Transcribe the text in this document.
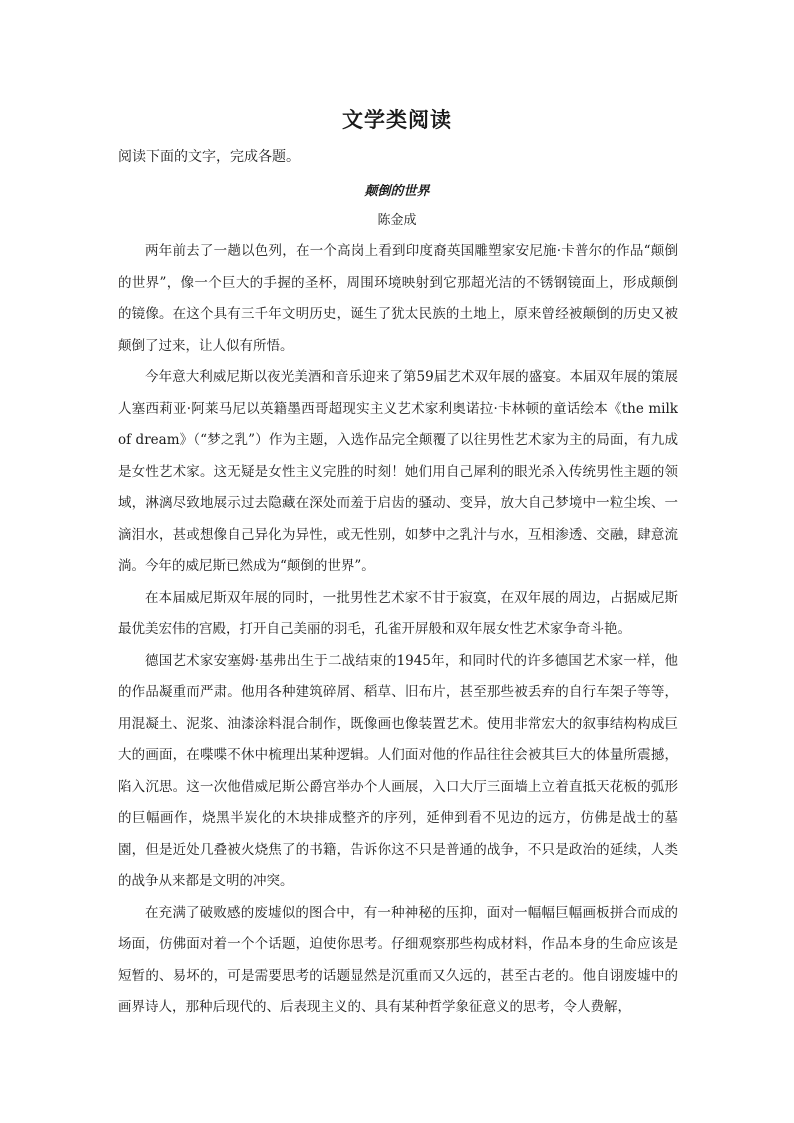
文学类阅读
阅读下面的文字，完成各题。
颠倒的世界
陈金成

两年前去了一趟以色列，在一个高岗上看到印度裔英国雕塑家安尼施·卡普尔的作品“颠倒的世界”，像一个巨大的手握的圣杯，周围环境映射到它那超光洁的不锈钢镜面上，形成颠倒的镜像。在这个具有三千年文明历史，诞生了犹太民族的土地上，原来曾经被颠倒的历史又被颠倒了过来，让人似有所悟。

今年意大利威尼斯以夜光美酒和音乐迎来了第59届艺术双年展的盛宴。本届双年展的策展人塞西莉亚·阿莱马尼以英籍墨西哥超现实主义艺术家利奥诺拉·卡林顿的童话绘本《the milk of dream》（“梦之乳”）作为主题，入选作品完全颠覆了以往男性艺术家为主的局面，有九成是女性艺术家。这无疑是女性主义完胜的时刻！她们用自己犀利的眼光杀入传统男性主题的领域，淋漓尽致地展示过去隐藏在深处而羞于启齿的骚动、变异，放大自己梦境中一粒尘埃、一滴泪水，甚或想像自己异化为异性，或无性别，如梦中之乳汁与水，互相渗透、交融，肆意流淌。今年的威尼斯已然成为“颠倒的世界”。

在本届威尼斯双年展的同时，一批男性艺术家不甘于寂寞，在双年展的周边，占据威尼斯最优美宏伟的宫殿，打开自己美丽的羽毛，孔雀开屏般和双年展女性艺术家争奇斗艳。

德国艺术家安塞姆·基弗出生于二战结束的1945年，和同时代的许多德国艺术家一样，他的作品凝重而严肃。他用各种建筑碎屑、稻草、旧布片，甚至那些被丢弃的自行车架子等等，用混凝土、泥浆、油漆涂料混合制作，既像画也像装置艺术。使用非常宏大的叙事结构构成巨大的画面，在喋喋不休中梳理出某种逻辑。人们面对他的作品往往会被其巨大的体量所震撼，陷入沉思。这一次他借威尼斯公爵宫举办个人画展，入口大厅三面墙上立着直抵天花板的弧形的巨幅画作，烧黑半炭化的木块排成整齐的序列，延伸到看不见边的远方，仿佛是战士的墓園，但是近处几叠被火烧焦了的书籍，告诉你这不只是普通的战争，不只是政治的延续，人类的战争从来都是文明的冲突。

在充满了破败感的废墟似的图合中，有一种神秘的压抑，面对一幅幅巨幅画板拼合而成的场面，仿佛面对着一个个话题，迫使你思考。仔细观察那些构成材料，作品本身的生命应该是短暂的、易坏的，可是需要思考的话题显然是沉重而又久远的，甚至古老的。他自诩废墟中的画界诗人，那种后现代的、后表现主义的、具有某种哲学象征意义的思考，令人费解，
